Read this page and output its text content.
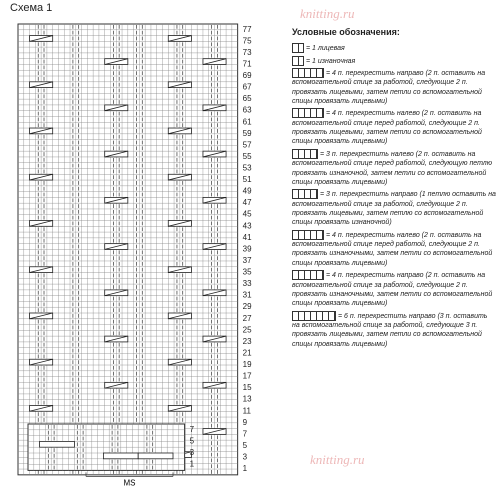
Схема 1
77
75
73
71
69
67
65
63
61
59
57
55
53
51
49
47
45
43
41
39
37
35
33
31
29
27
25
23
21
19
17
15
13
11
9
7
5
3
1
7
5
3
1
MS
Условные обозначения:
= 1 лицевая
= 1 изнаночная
= 4 п. перекрестить направо (2 п. оставить на вспомогательной спице за работой, следующие 2 п. провязать лицевыми, затем петли со вспомогательной спицы провязать лицевыми)
= 4 п. перекрестить налево (2 п. оставить на вспомогательной спице перед работой, следующие 2 п. провязать лицевыми, затем петли со вспомогательной спицы провязать лицевыми)
= 3 п. перекрестить налево (2 п. оставить на вспомогательной спице перед работой, следующую петлю провязать изнаночной, затем петли со вспомогательной спицы провязать лицевыми)
= 3 п. перекрестить направо (1 петлю оставить на вспомогательной спице за работой, следующие 2 п. провязать лицевыми, затем петлю со вспомогательной спицы провязать изнаночной)
= 4 п. перекрестить налево (2 п. оставить на вспомогательной спице перед работой, следующие 2 п. провязать изнаночными, затем петли со вспомогательной спицы провязать лицевыми)
= 4 п. перекрестить направо (2 п. оставить на вспомогательной спице за работой, следующие 2 п. провязать изнаночными, затем петли со вспомогательной спицы провязать лицевыми)
= 6 п. перекрестить направо (3 п. оставить на вспомогательной спице за работой, следующие 3 п. провязать лицевыми, затем петли со вспомогательной спицы провязать лицевыми)
knitting.ru
knitting.ru
